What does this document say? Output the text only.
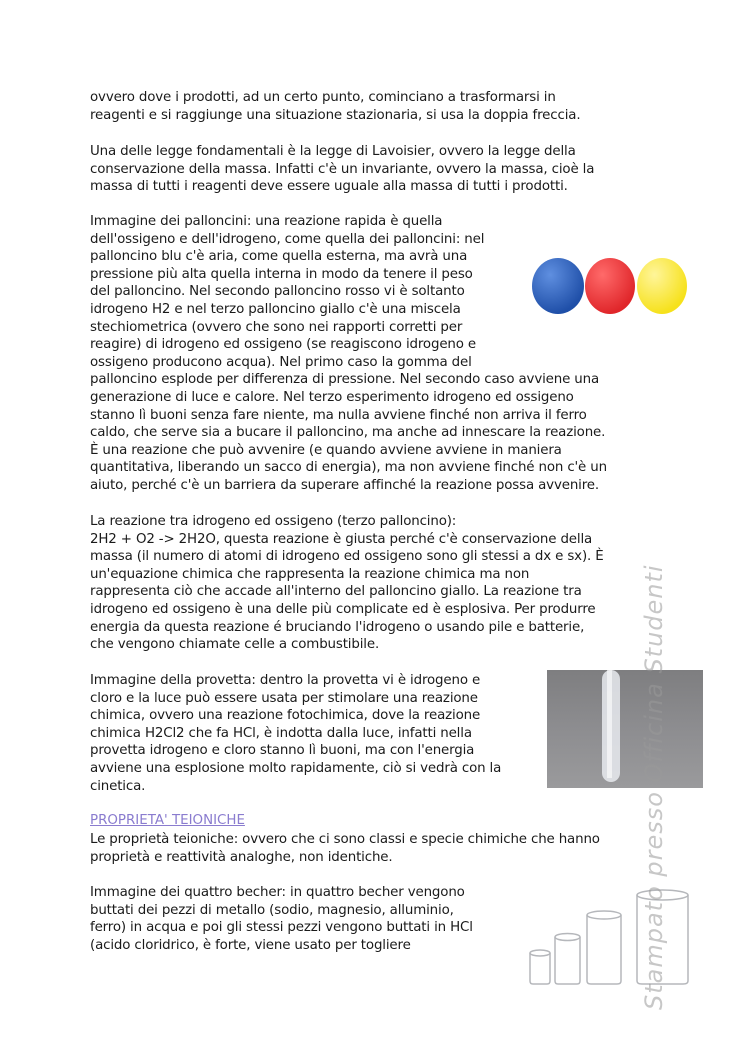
ovvero dove i prodotti, ad un certo punto, cominciano a trasformarsi in
reagenti e si raggiunge una situazione stazionaria, si usa la doppia freccia.
Una delle legge fondamentali è la legge di Lavoisier, ovvero la legge della
conservazione della massa. Infatti c'è un invariante, ovvero la massa, cioè la
massa di tutti i reagenti deve essere uguale alla massa di tutti i prodotti.
Immagine dei palloncini: una reazione rapida è quella
dell'ossigeno e dell'idrogeno, come quella dei palloncini: nel
palloncino blu c'è aria, come quella esterna, ma avrà una
pressione più alta quella interna in modo da tenere il peso
del palloncino. Nel secondo palloncino rosso vi è soltanto
idrogeno H2 e nel terzo palloncino giallo c'è una miscela
stechiometrica (ovvero che sono nei rapporti corretti per
reagire) di idrogeno ed ossigeno (se reagiscono idrogeno e
ossigeno producono acqua). Nel primo caso la gomma del
palloncino esplode per differenza di pressione. Nel secondo caso avviene una
generazione di luce e calore. Nel terzo esperimento idrogeno ed ossigeno
stanno lì buoni senza fare niente, ma nulla avviene finché non arriva il ferro
caldo, che serve sia a bucare il palloncino, ma anche ad innescare la reazione.
È una reazione che può avvenire (e quando avviene avviene in maniera
quantitativa, liberando un sacco di energia), ma non avviene finché non c'è un
aiuto, perché c'è un barriera da superare affinché la reazione possa avvenire.
La reazione tra idrogeno ed ossigeno (terzo palloncino):
2H2 + O2 -> 2H2O, questa reazione è giusta perché c'è conservazione della
massa (il numero di atomi di idrogeno ed ossigeno sono gli stessi a dx e sx). È
un'equazione chimica che rappresenta la reazione chimica ma non
rappresenta ciò che accade all'interno del palloncino giallo. La reazione tra
idrogeno ed ossigeno è una delle più complicate ed è esplosiva. Per produrre
energia da questa reazione é bruciando l'idrogeno o usando pile e batterie,
che vengono chiamate celle a combustibile.
Immagine della provetta: dentro la provetta vi è idrogeno e
cloro e la luce può essere usata per stimolare una reazione
chimica, ovvero una reazione fotochimica, dove la reazione
chimica H2Cl2 che fa HCl, è indotta dalla luce, infatti nella
provetta idrogeno e cloro stanno lì buoni, ma con l'energia
avviene una esplosione molto rapidamente, ciò si vedrà con la
cinetica.
PROPRIETA' TEIONICHE
Le proprietà teioniche: ovvero che ci sono classi e specie chimiche che hanno
proprietà e reattività analoghe, non identiche.
Immagine dei quattro becher: in quattro becher vengono
buttati dei pezzi di metallo (sodio, magnesio, alluminio,
ferro) in acqua e poi gli stessi pezzi vengono buttati in HCl
(acido cloridrico, è forte, viene usato per togliere	Stampato presso Officina Studenti
